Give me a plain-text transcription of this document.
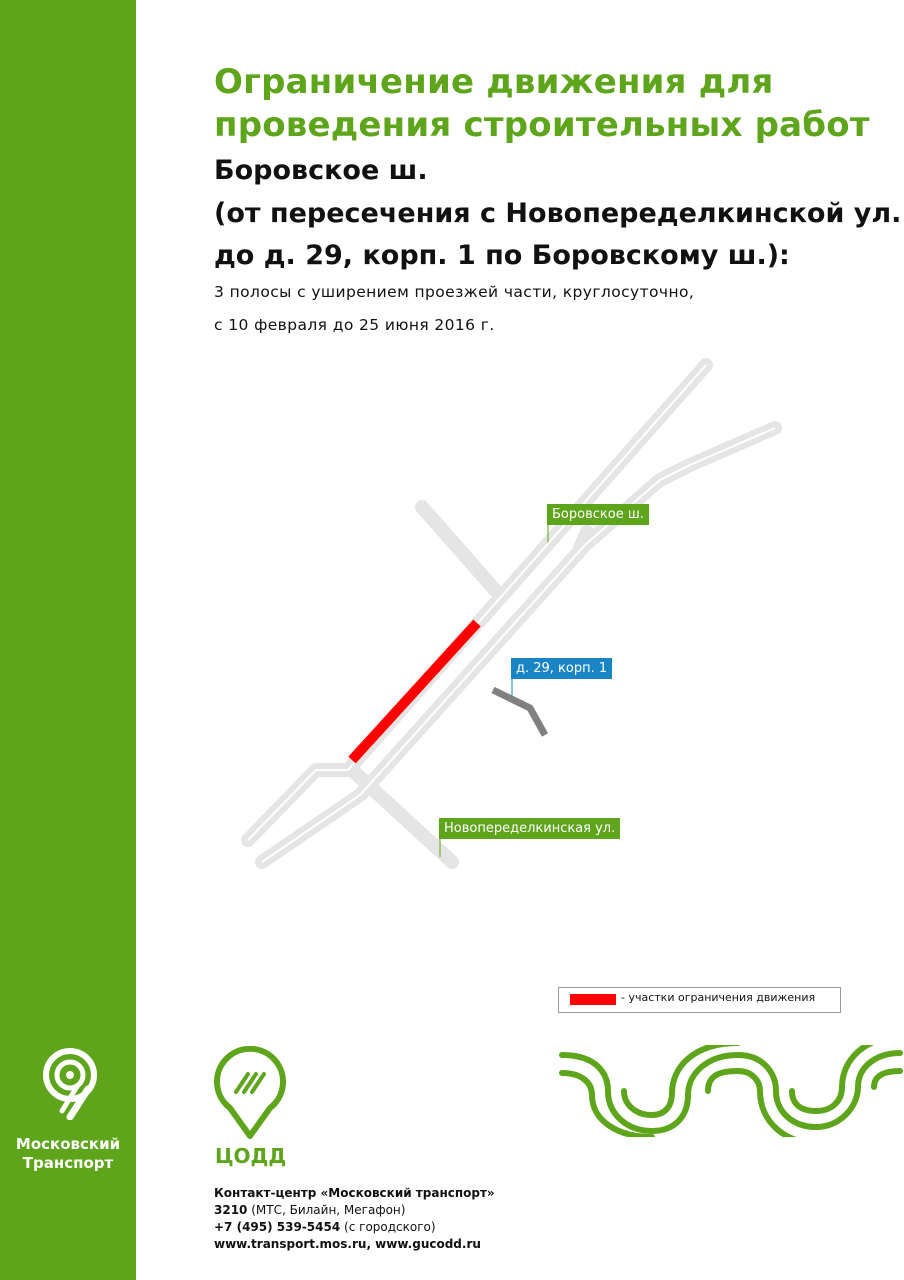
Московский
Транспорт
Ограничение движения для
проведения строительных работ
Боровское ш.
(от пересечения с Новопеределкинской ул.
до д. 29, корп. 1 по Боровскому ш.):
3 полосы с уширением проезжей части, круглосуточно,
с 10 февраля до 25 июня 2016 г.
Боровское ш.
д. 29, корп. 1
Новопеределкинская ул.
- участки ограничения движения
ЦОДД
Контакт-центр «Московский транспорт»
3210 (МТС, Билайн, Мегафон)
+7 (495) 539-5454 (с городского)
www.transport.mos.ru, www.gucodd.ru
